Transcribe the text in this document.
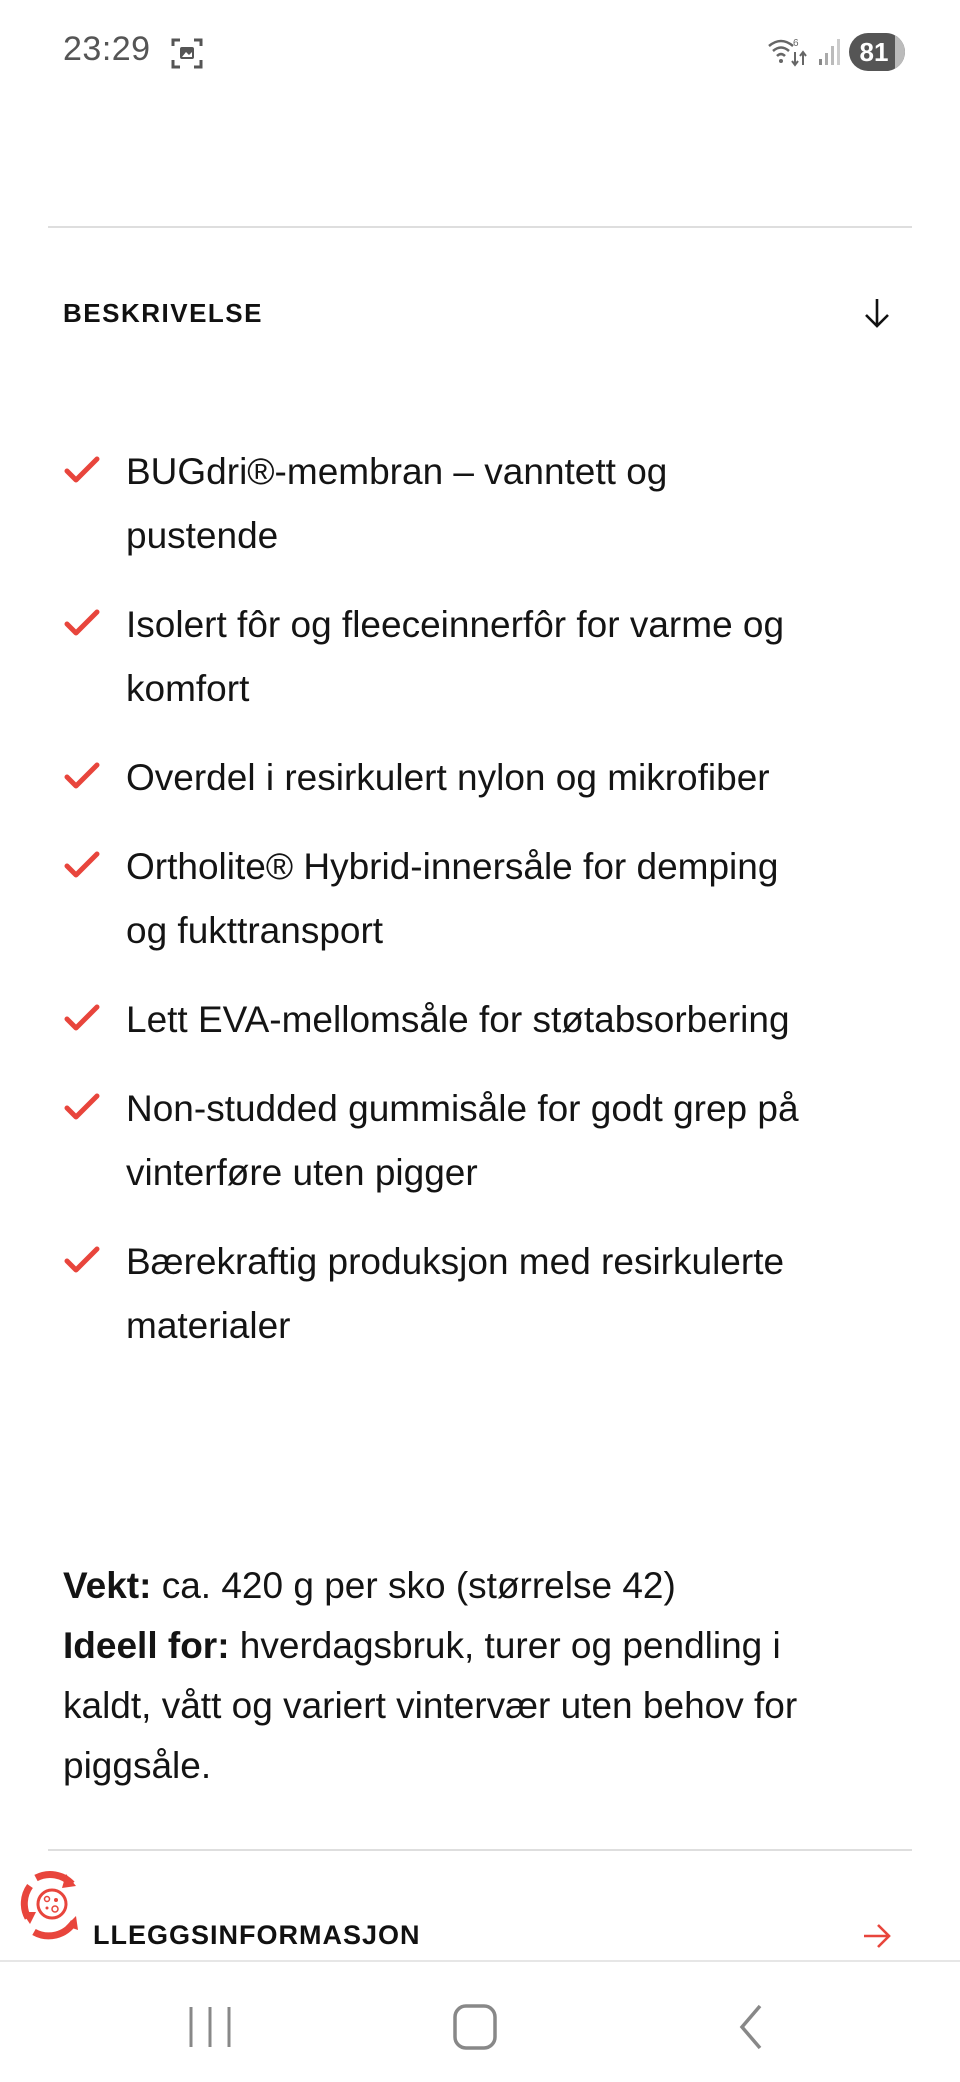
23:29	6 81
BESKRIVELSE
BUGdri®-membran – vanntett og pustende
Isolert fôr og fleeceinnerfôr for varme og komfort
Overdel i resirkulert nylon og mikrofiber
Ortholite® Hybrid-innersåle for demping og fukttransport
Lett EVA-mellomsåle for støtabsorbering
Non-studded gummisåle for godt grep på vinterføre uten pigger
Bærekraftig produksjon med resirkulerte materialer
Vekt: ca. 420 g per sko (størrelse 42)
Ideell for: hverdagsbruk, turer og pendling i kaldt, vått og variert vintervær uten behov for piggsåle.
LLEGGSINFORMASJON
